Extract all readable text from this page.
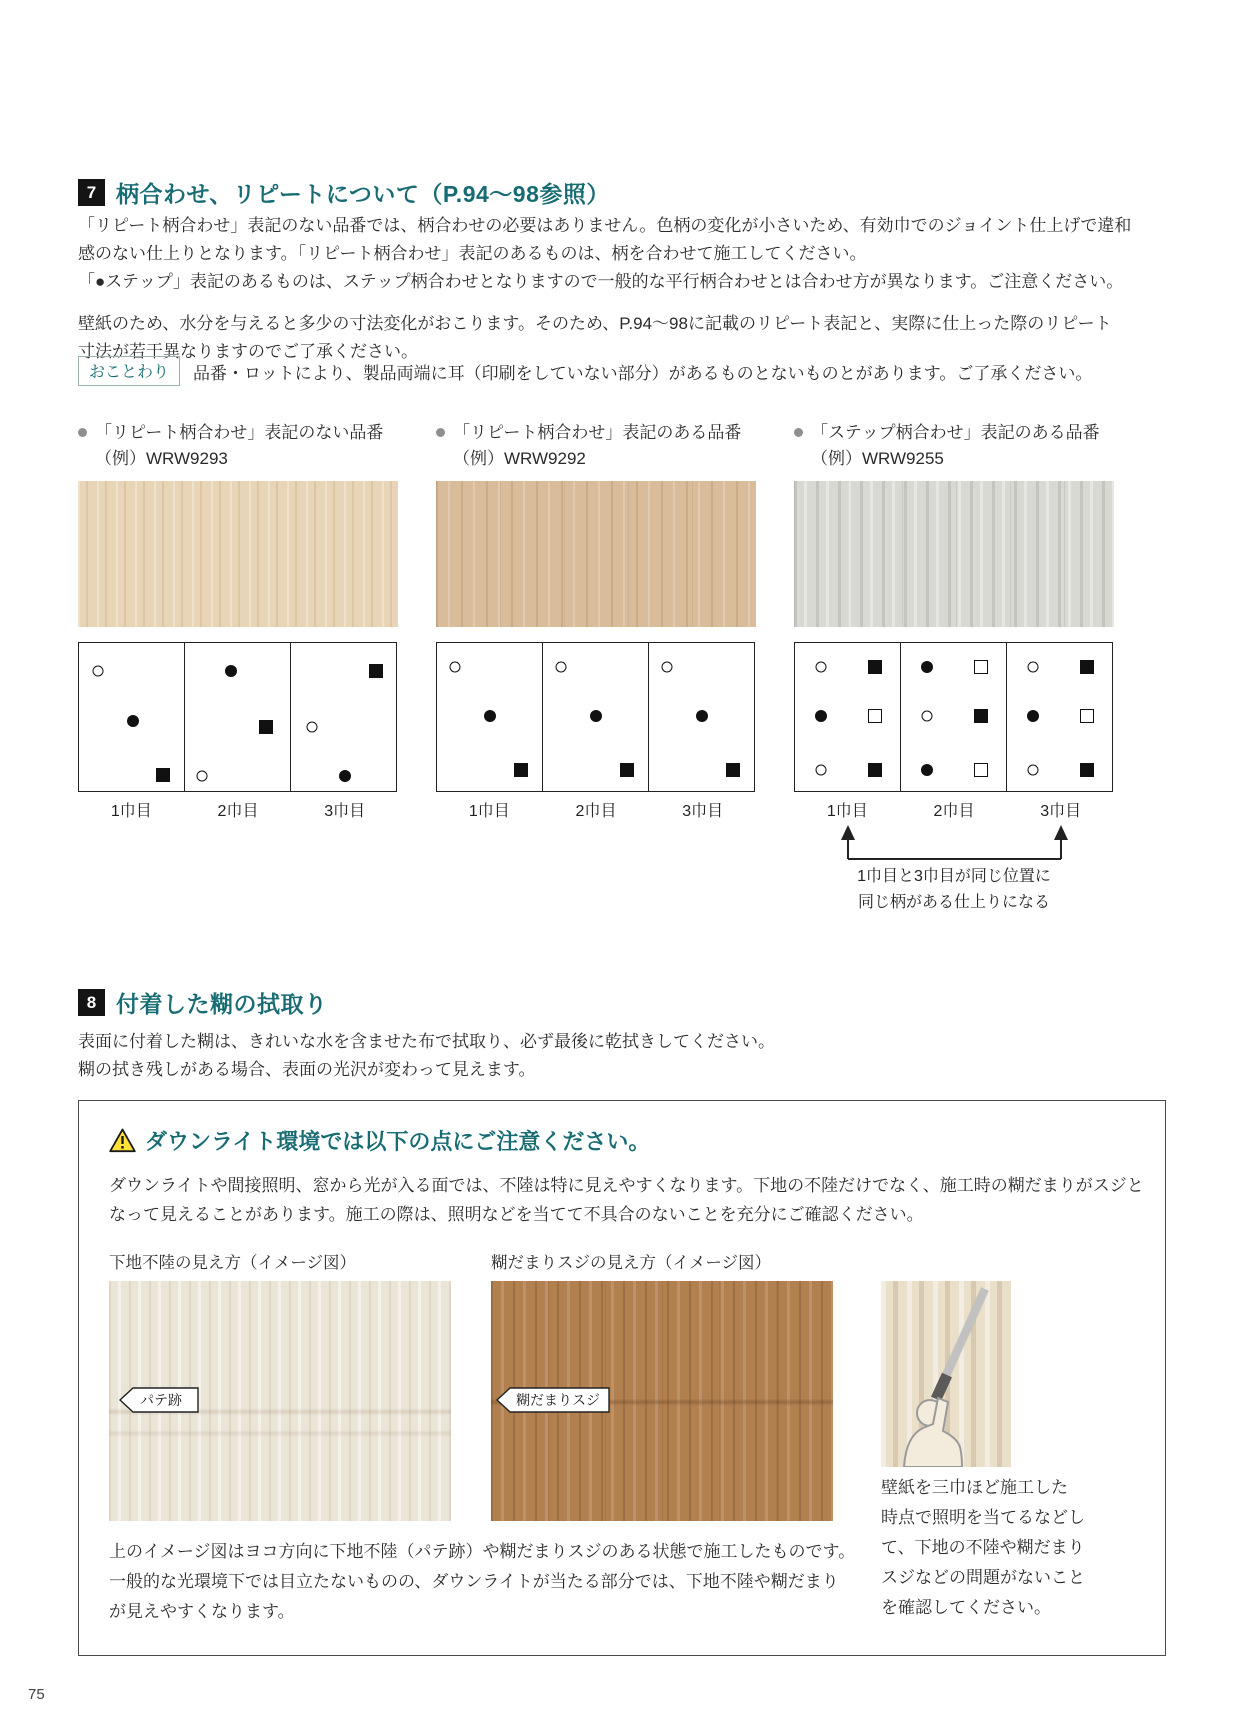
7 柄合わせ、リピートについて（P.94～98参照）
「リピート柄合わせ」表記のない品番では、柄合わせの必要はありません。色柄の変化が小さいため、有効巾でのジョイント仕上げで違和
感のない仕上りとなります。「リピート柄合わせ」表記のあるものは、柄を合わせて施工してください。
「●ステップ」表記のあるものは、ステップ柄合わせとなりますので一般的な平行柄合わせとは合わせ方が異なります。ご注意ください。
壁紙のため、水分を与えると多少の寸法変化がおこります。そのため、P.94～98に記載のリピート表記と、実際に仕上った際のリピート
寸法が若干異なりますのでご了承ください。
おことわり	品番・ロットにより、製品両端に耳（印刷をしていない部分）があるものとないものとがあります。ご了承ください。
「リピート柄合わせ」表記のない品番
（例）WRW9293
1巾目	2巾目	3巾目
「リピート柄合わせ」表記のある品番
（例）WRW9292
1巾目	2巾目	3巾目
「ステップ柄合わせ」表記のある品番
（例）WRW9255
1巾目	2巾目	3巾目
1巾目と3巾目が同じ位置に
同じ柄がある仕上りになる
8 付着した糊の拭取り
表面に付着した糊は、きれいな水を含ませた布で拭取り、必ず最後に乾拭きしてください。
糊の拭き残しがある場合、表面の光沢が変わって見えます。
ダウンライト環境では以下の点にご注意ください。
ダウンライトや間接照明、窓から光が入る面では、不陸は特に見えやすくなります。下地の不陸だけでなく、施工時の糊だまりがスジと
なって見えることがあります。施工の際は、照明などを当てて不具合のないことを充分にご確認ください。
下地不陸の見え方（イメージ図）	糊だまりスジの見え方（イメージ図）
パテ跡	糊だまりスジ
上のイメージ図はヨコ方向に下地不陸（パテ跡）や糊だまりスジのある状態で施工したものです。
一般的な光環境下では目立たないものの、ダウンライトが当たる部分では、下地不陸や糊だまり
が見えやすくなります。
壁紙を三巾ほど施工した
時点で照明を当てるなどし
て、下地の不陸や糊だまり
スジなどの問題がないこと
を確認してください。
75
